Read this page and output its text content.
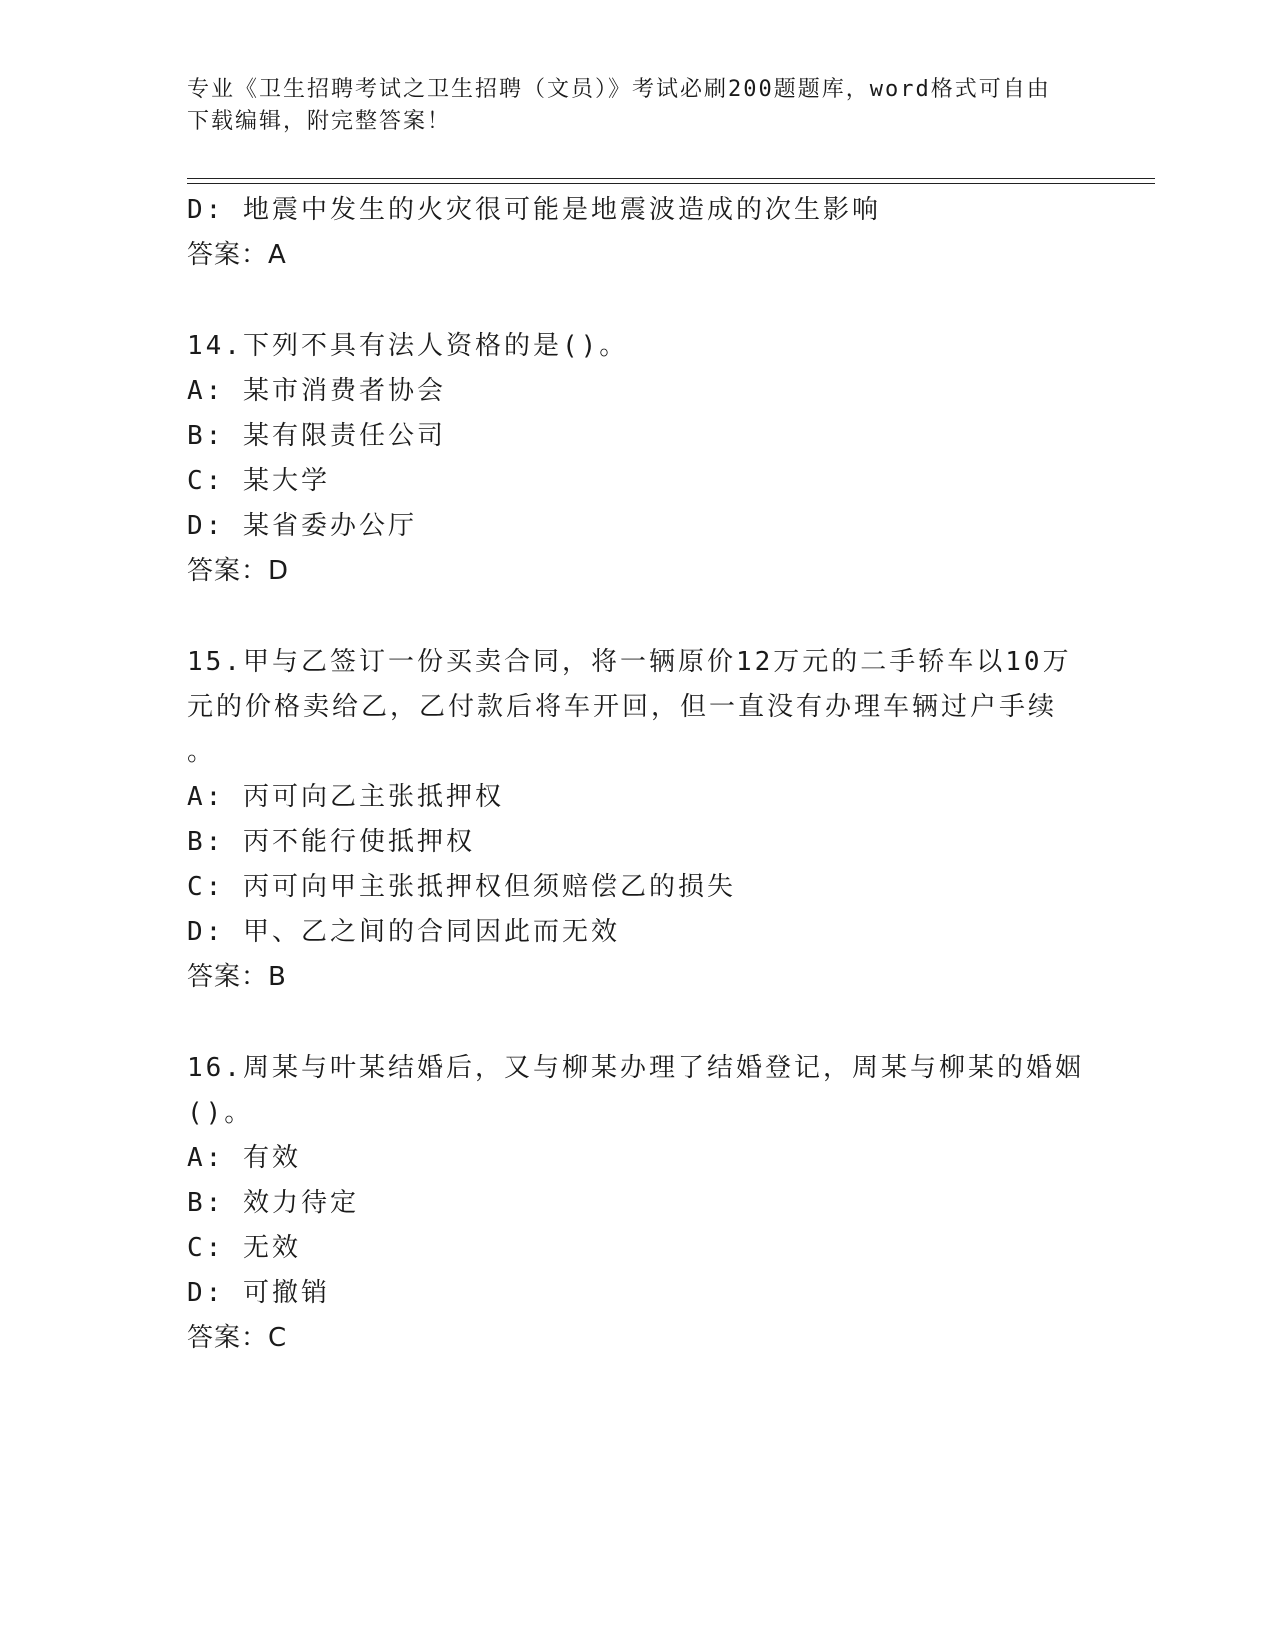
专业《卫生招聘考试之卫生招聘（文员）》考试必刷200题题库，word格式可自由下载编辑，附完整答案！

D: 地震中发生的火灾很可能是地震波造成的次生影响

答案：A

14.下列不具有法人资格的是()。

A: 某市消费者协会

B: 某有限责任公司

C: 某大学

D: 某省委办公厅

答案：D

15.甲与乙签订一份买卖合同，将一辆原价12万元的二手轿车以10万

元的价格卖给乙，乙付款后将车开回，但一直没有办理车辆过户手续

。

A: 丙可向乙主张抵押权

B: 丙不能行使抵押权

C: 丙可向甲主张抵押权但须赔偿乙的损失

D: 甲、乙之间的合同因此而无效

答案：B

16.周某与叶某结婚后，又与柳某办理了结婚登记，周某与柳某的婚姻

()。

A: 有效

B: 效力待定

C: 无效

D: 可撤销

答案：C
